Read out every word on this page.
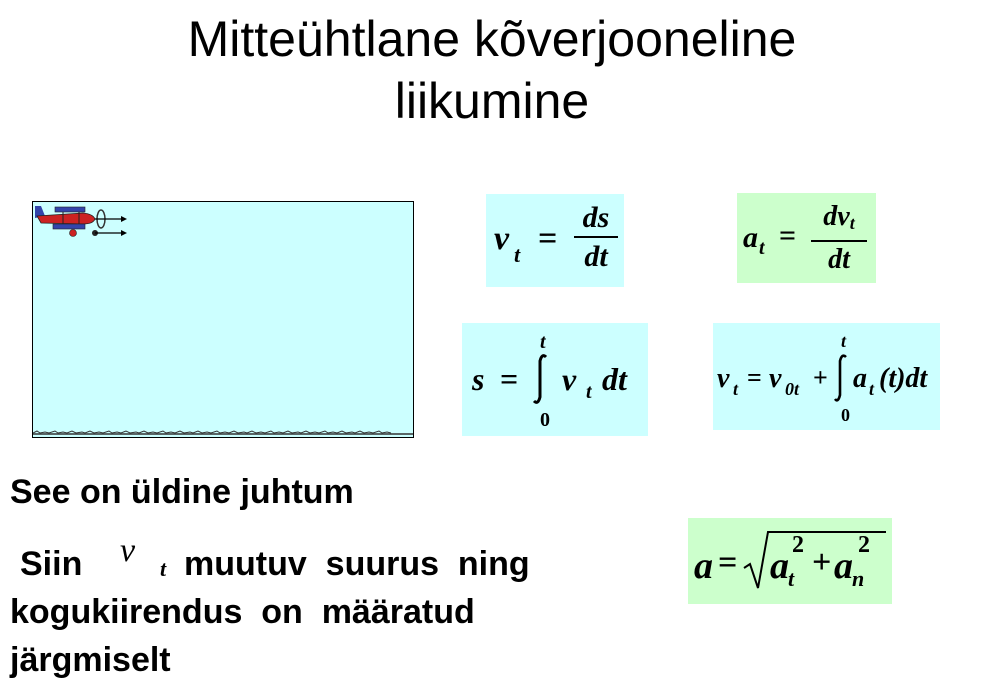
Mitteühtlane kõverjooneline
liikumine
v t =
ds
dt
a t =
dvt
dt
s =
t
0
v t dt	v t = v 0t +
t
0
a t (t)dt
a = a t
2 + a n
2
See on üldine juhtum
Siin v t muutuv  suurus  ning
kogukiirendus  on  määratud
järgmiselt
